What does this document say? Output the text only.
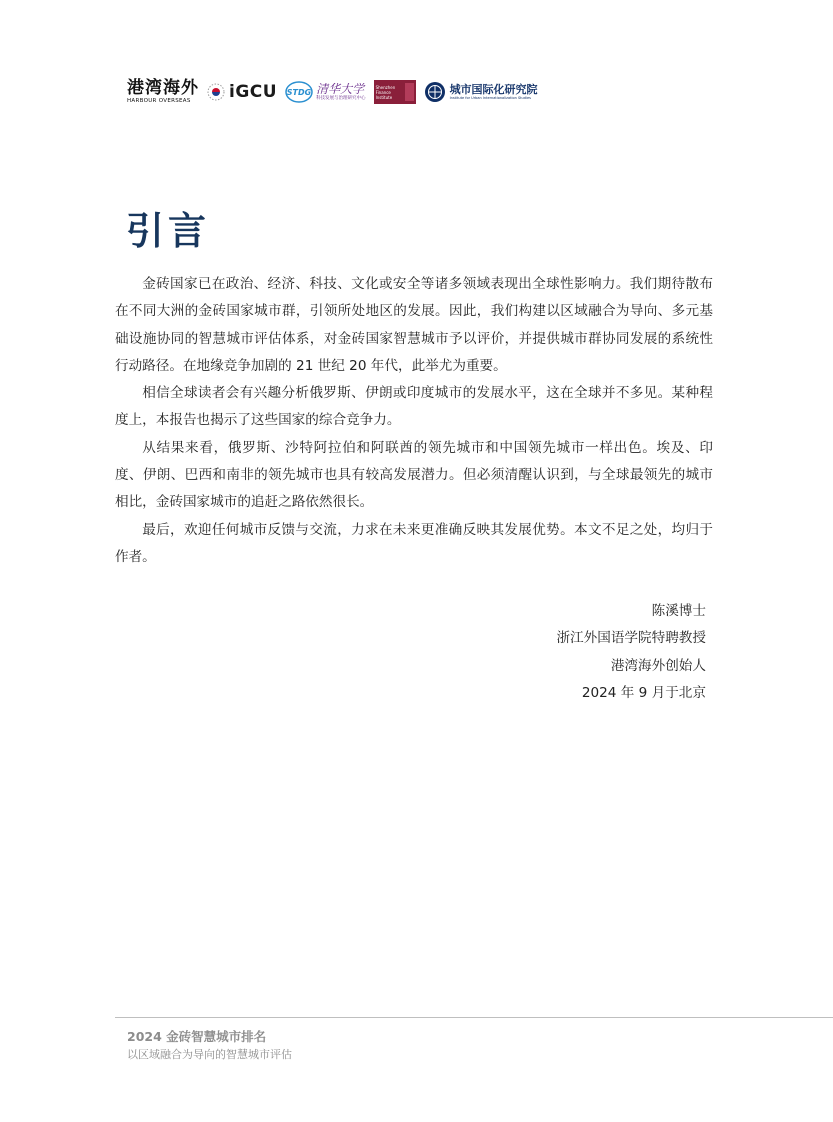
港湾海外
HARBOUR OVERSEAS iGCU STDG 清华大学
科技发展与治理研究中心
Shenzhen Finance Institute
城市国际化研究院
Institute for Urban Internationalization Studies
引言

金砖国家已在政治、经济、科技、文化或安全等诸多领域表现出全球性影响力。我们期待散布在不同大洲的金砖国家城市群，引领所处地区的发展。因此，我们构建以区域融合为导向、多元基础设施协同的智慧城市评估体系，对金砖国家智慧城市予以评价，并提供城市群协同发展的系统性行动路径。在地缘竞争加剧的 21 世纪 20 年代，此举尤为重要。

相信全球读者会有兴趣分析俄罗斯、伊朗或印度城市的发展水平，这在全球并不多见。某种程度上，本报告也揭示了这些国家的综合竞争力。

从结果来看，俄罗斯、沙特阿拉伯和阿联酋的领先城市和中国领先城市一样出色。埃及、印度、伊朗、巴西和南非的领先城市也具有较高发展潜力。但必须清醒认识到，与全球最领先的城市相比，金砖国家城市的追赶之路依然很长。

最后，欢迎任何城市反馈与交流，力求在未来更准确反映其发展优势。本文不足之处，均归于作者。

陈溪博士
浙江外国语学院特聘教授
港湾海外创始人
2024 年 9 月于北京
2024 金砖智慧城市排名
以区域融合为导向的智慧城市评估
